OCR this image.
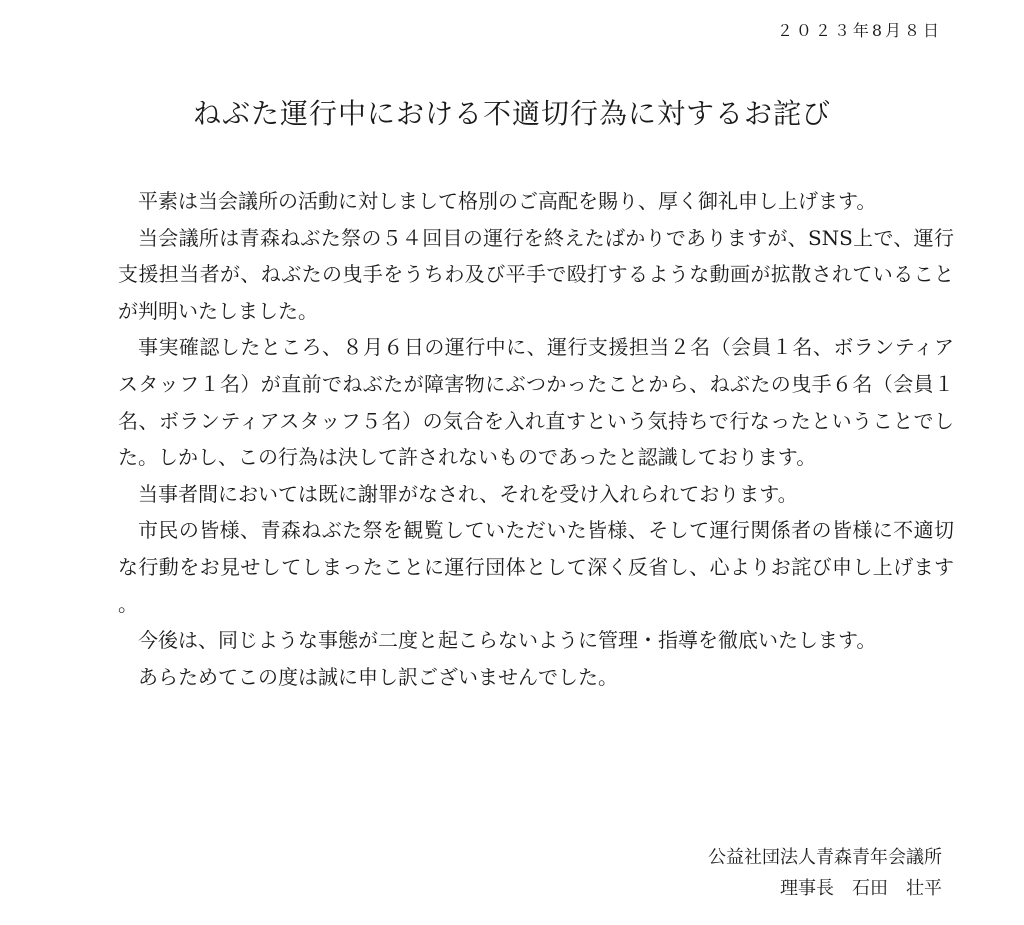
２０２３年8月８日
ねぶた運行中における不適切行為に対するお詫び

平素は当会議所の活動に対しまして格別のご高配を賜り、厚く御礼申し上げます。

当会議所は青森ねぶた祭の５４回目の運行を終えたばかりでありますが、SNS上で、運行支援担当者が、ねぶたの曳手をうちわ及び平手で殴打するような動画が拡散されていることが判明いたしました。

事実確認したところ、８月６日の運行中に、運行支援担当２名（会員１名、ボランティアスタッフ１名）が直前でねぶたが障害物にぶつかったことから、ねぶたの曳手６名（会員１名、ボランティアスタッフ５名）の気合を入れ直すという気持ちで行なったということでした。しかし、この行為は決して許されないものであったと認識しております。

当事者間においては既に謝罪がなされ、それを受け入れられております。

市民の皆様、青森ねぶた祭を観覧していただいた皆様、そして運行関係者の皆様に不適切な行動をお見せしてしまったことに運行団体として深く反省し、心よりお詫び申し上げます。

今後は、同じような事態が二度と起こらないように管理・指導を徹底いたします。

あらためてこの度は誠に申し訳ございませんでした。

公益社団法人青森青年会議所
理事長　石田　壮平
